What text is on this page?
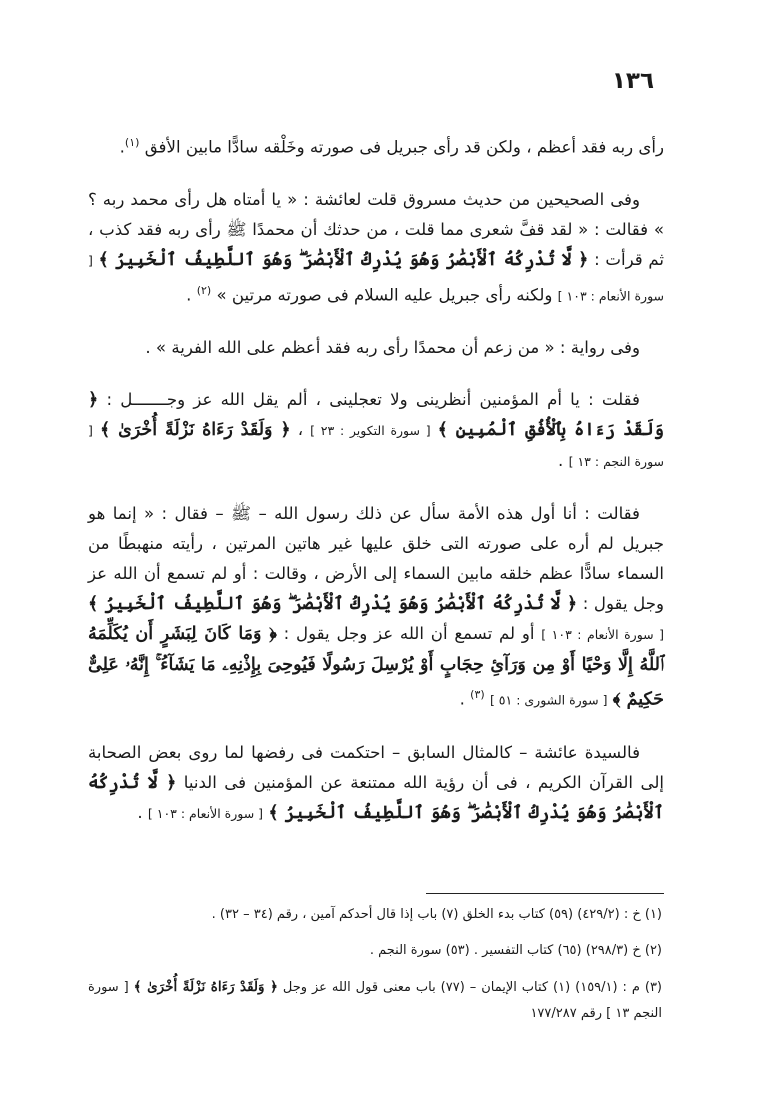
١٣٦

رأى ربه فقد أعظم ، ولكن قد رأى جبريل فى صورته وخَلْقه سادًّا مابين الأفق $^{(١)}$.

وفى الصحيحين من حديث مسروق قلت لعائشة : « يا أمتاه هل رأى محمد ربه ؟ » فقالت : « لقد قفَّ شعرى مما قلت ، من حدثك أن محمدًا ﷺ رأى ربه فقد كذب ، ثم قرأت : ﴿ لَّا تُدْرِكُهُ ٱلْأَبْصَٰرُ وَهُوَ يُدْرِكُ ٱلْأَبْصَٰرَ ۖ وَهُوَ ٱللَّطِيفُ ٱلْخَبِيرُ ﴾ [ سورة الأنعام : ١٠٣ ] ولكنه رأى جبريل عليه السلام فى صورته مرتين » $^{(٢)}$ .

وفى رواية : « من زعم أن محمدًا رأى ربه فقد أعظم على الله الفرية » .

فقلت : يا أم المؤمنين أنظرينى ولا تعجلينى ، ألم يقل الله عز وجـــــــل : ﴿ وَلَقَدْ رَءَاهُ بِٱلْأُفُقِ ٱلْمُبِينِ ﴾ [ سورة التكوير : ٢٣ ] ، ﴿ وَلَقَدْ رَءَاهُ نَزْلَةً أُخْرَىٰ ﴾ [ سورة النجم : ١٣ ] .

فقالت : أنا أول هذه الأمة سأل عن ذلك رسول الله – ﷺ – فقال : « إنما هو جبريل لم أره على صورته التى خلق عليها غير هاتين المرتين ، رأيته منهبطًا من السماء سادًّا عظم خلقه مابين السماء إلى الأرض ، وقالت : أو لم تسمع أن الله عز وجل يقول : ﴿ لَّا تُدْرِكُهُ ٱلْأَبْصَٰرُ وَهُوَ يُدْرِكُ ٱلْأَبْصَٰرَ ۖ وَهُوَ ٱللَّطِيفُ ٱلْخَبِيرُ ﴾ [ سورة الأنعام : ١٠٣ ] أو لم تسمع أن الله عز وجل يقول : ﴿ وَمَا كَانَ لِبَشَرٍ أَن يُكَلِّمَهُ ٱللَّهُ إِلَّا وَحْيًا أَوْ مِن وَرَآئِ حِجَابٍ أَوْ يُرْسِلَ رَسُولًا فَيُوحِىَ بِإِذْنِهِۦ مَا يَشَآءُ ۚ إِنَّهُۥ عَلِىٌّ حَكِيمٌ ﴾ [ سورة الشورى : ٥١ ] $^{(٣)}$ .

فالسيدة عائشة – كالمثال السابق – احتكمت فى رفضها لما روى بعض الصحابة إلى القرآن الكريم ، فى أن رؤية الله ممتنعة عن المؤمنين فى الدنيا ﴿ لَّا تُدْرِكُهُ ٱلْأَبْصَٰرُ وَهُوَ يُدْرِكُ ٱلْأَبْصَٰرَ ۖ وَهُوَ ٱللَّطِيفُ ٱلْخَبِيرُ ﴾ [ سورة الأنعام : ١٠٣ ] .

(١) خ : (٤٢٩/٢) (٥٩) كتاب بدء الخلق (٧) باب إذا قال أحدكم آمين ، رقم (٣٤ – ٣٢) .
(٢) خ (٢٩٨/٣) (٦٥) كتاب التفسير . (٥٣) سورة النجم .
(٣) م : (١٥٩/١) (١) كتاب الإيمان – (٧٧) باب معنى قول الله عز وجل ﴿ وَلَقَدْ رَءَاهُ نَزْلَةً أُخْرَىٰ ﴾ [ سورة النجم ١٣ ] رقم ١٧٧/٢٨٧
